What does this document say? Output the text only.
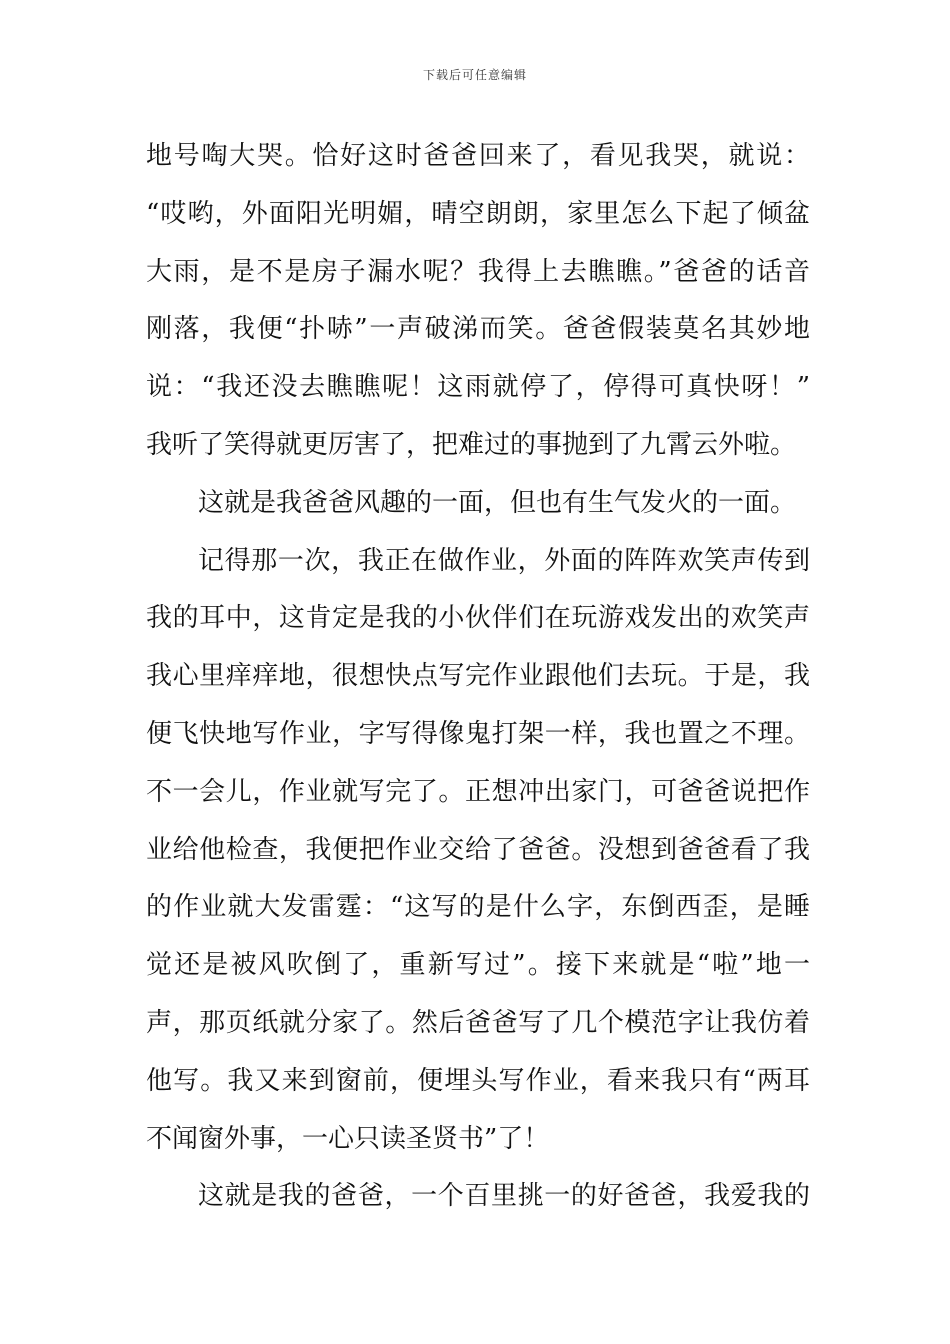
下载后可任意编辑
地号啕大哭。恰好这时爸爸回来了，看见我哭，就说：
“哎哟，外面阳光明媚，晴空朗朗，家里怎么下起了倾盆
大雨，是不是房子漏水呢？我得上去瞧瞧。”爸爸的话音
刚落，我便“扑哧”一声破涕而笑。爸爸假装莫名其妙地
说：“我还没去瞧瞧呢！这雨就停了，停得可真快呀！”
我听了笑得就更厉害了，把难过的事抛到了九霄云外啦。
这就是我爸爸风趣的一面，但也有生气发火的一面。
记得那一次，我正在做作业，外面的阵阵欢笑声传到
我的耳中，这肯定是我的小伙伴们在玩游戏发出的欢笑声
我心里痒痒地，很想快点写完作业跟他们去玩。于是，我
便飞快地写作业，字写得像鬼打架一样，我也置之不理。
不一会儿，作业就写完了。正想冲出家门，可爸爸说把作
业给他检查，我便把作业交给了爸爸。没想到爸爸看了我
的作业就大发雷霆：“这写的是什么字，东倒西歪，是睡
觉还是被风吹倒了，重新写过”。接下来就是“啦”地一
声，那页纸就分家了。然后爸爸写了几个模范字让我仿着
他写。我又来到窗前，便埋头写作业，看来我只有“两耳
不闻窗外事，一心只读圣贤书”了！
这就是我的爸爸，一个百里挑一的好爸爸，我爱我的
